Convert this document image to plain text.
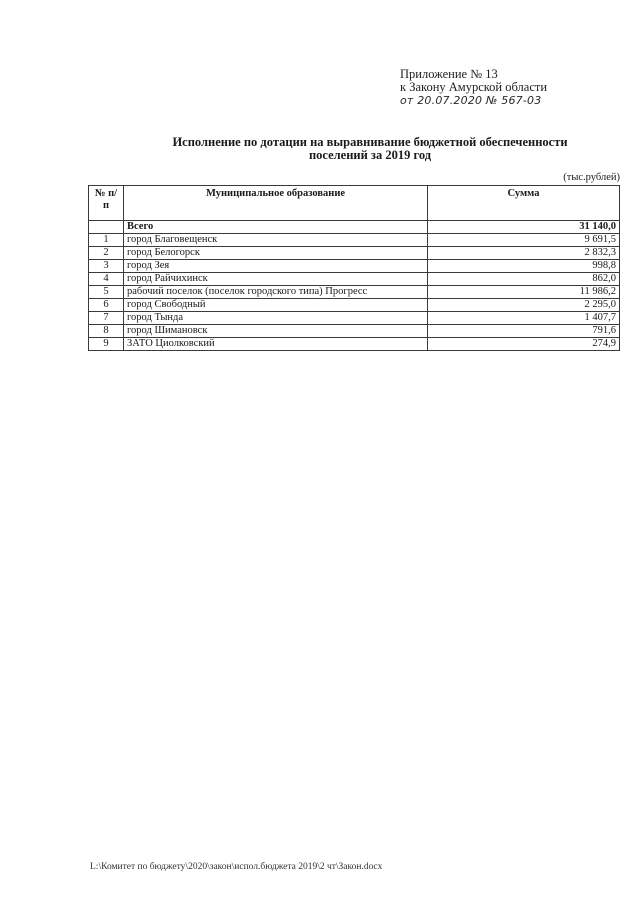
Приложение № 13
к Закону Амурской области
от 20.07.2020 № 567-03
Исполнение по дотации на выравнивание бюджетной обеспеченности
поселений за 2019 год
(тыс.рублей)
№ п/п	Муниципальное образование	Сумма
	Всего	31 140,0
1	город Благовещенск	9 691,5
2	город Белогорск	2 832,3
3	город Зея	998,8
4	город Райчихинск	862,0
5	рабочий поселок (поселок городского типа) Прогресс	11 986,2
6	город Свободный	2 295,0
7	город Тында	1 407,7
8	город Шимановск	791,6
9	ЗАТО Циолковский	274,9
L:\Комитет по бюджету\2020\закон\испол.бюджета 2019\2 чт\Закон.docx
